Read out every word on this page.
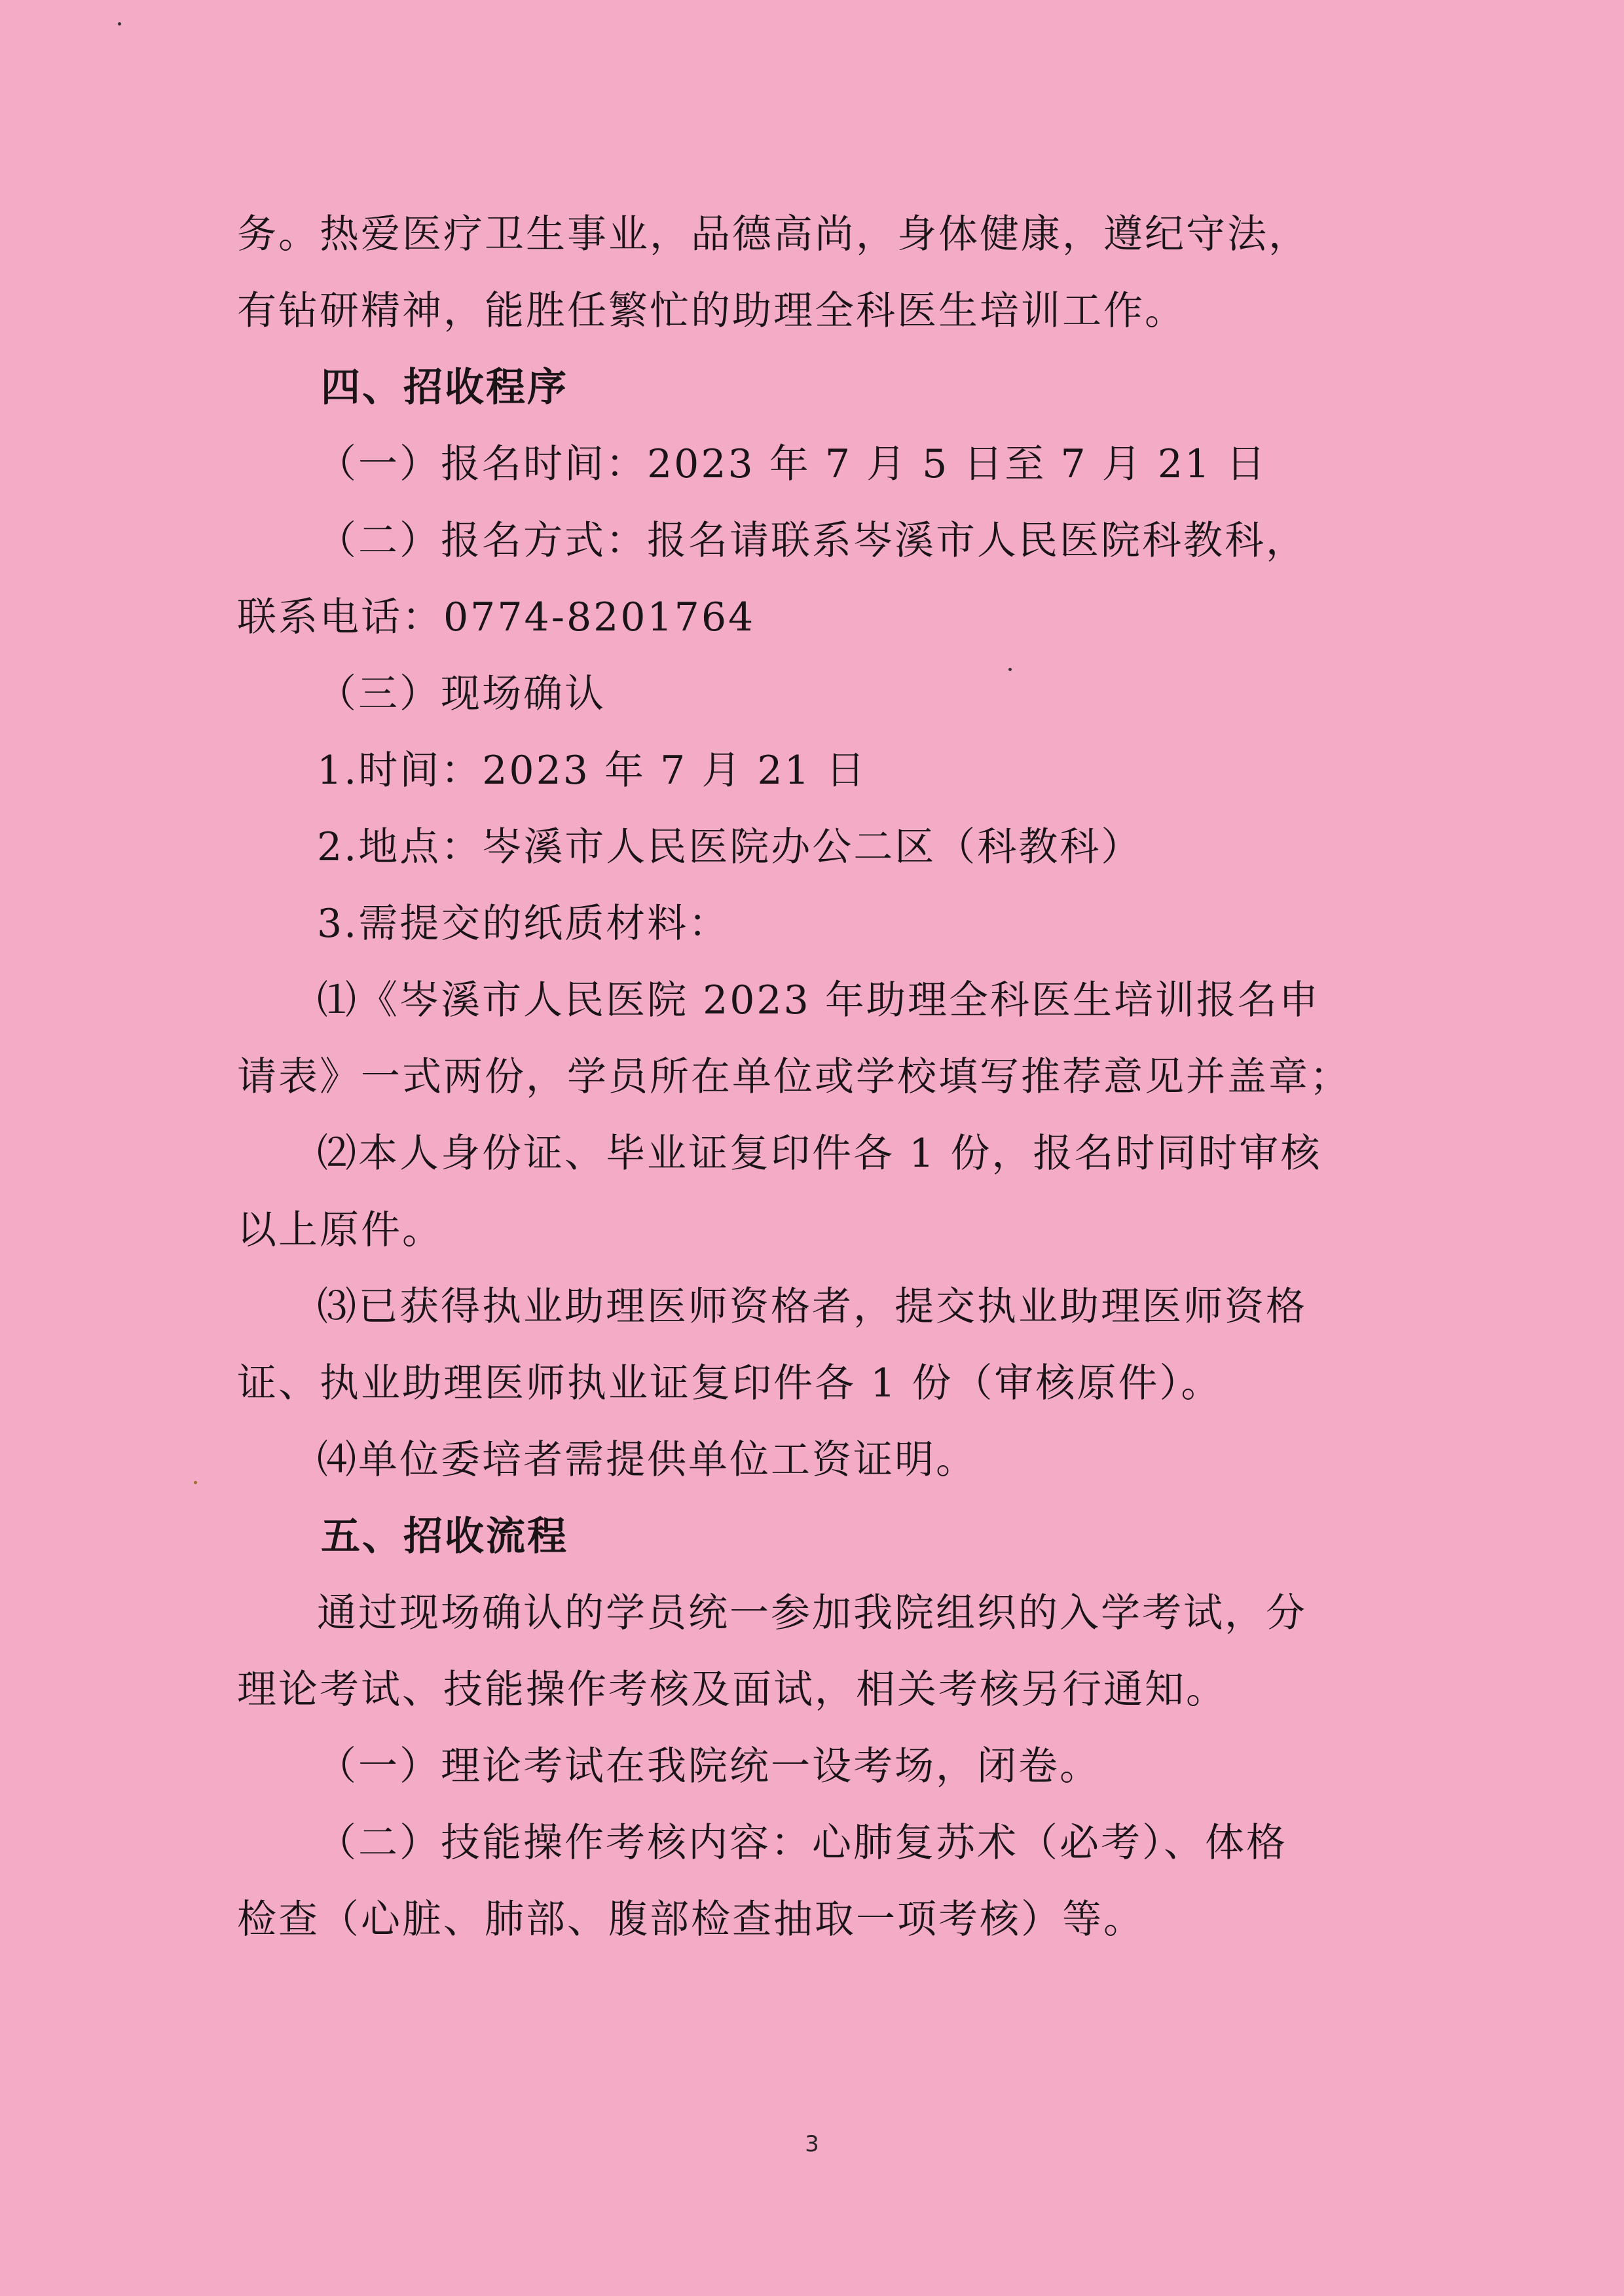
务。热爱医疗卫生事业，品德高尚，身体健康，遵纪守法，

有钻研精神，能胜任繁忙的助理全科医生培训工作。

四、招收程序

（一）报名时间：2023 年 7 月 5 日至 7 月 21 日

（二）报名方式：报名请联系岑溪市人民医院科教科，

联系电话：0774-8201764

（三）现场确认

1.时间：2023 年 7 月 21 日

2.地点：岑溪市人民医院办公二区（科教科）

3.需提交的纸质材料：

⑴《岑溪市人民医院 2023 年助理全科医生培训报名申

请表》一式两份，学员所在单位或学校填写推荐意见并盖章；

⑵本人身份证、毕业证复印件各 1 份，报名时同时审核

以上原件。

⑶已获得执业助理医师资格者，提交执业助理医师资格

证、执业助理医师执业证复印件各 1 份（审核原件）。

⑷单位委培者需提供单位工资证明。

五、招收流程

通过现场确认的学员统一参加我院组织的入学考试，分

理论考试、技能操作考核及面试，相关考核另行通知。

（一）理论考试在我院统一设考场，闭卷。

（二）技能操作考核内容：心肺复苏术（必考）、体格

检查（心脏、肺部、腹部检查抽取一项考核）等。

3
